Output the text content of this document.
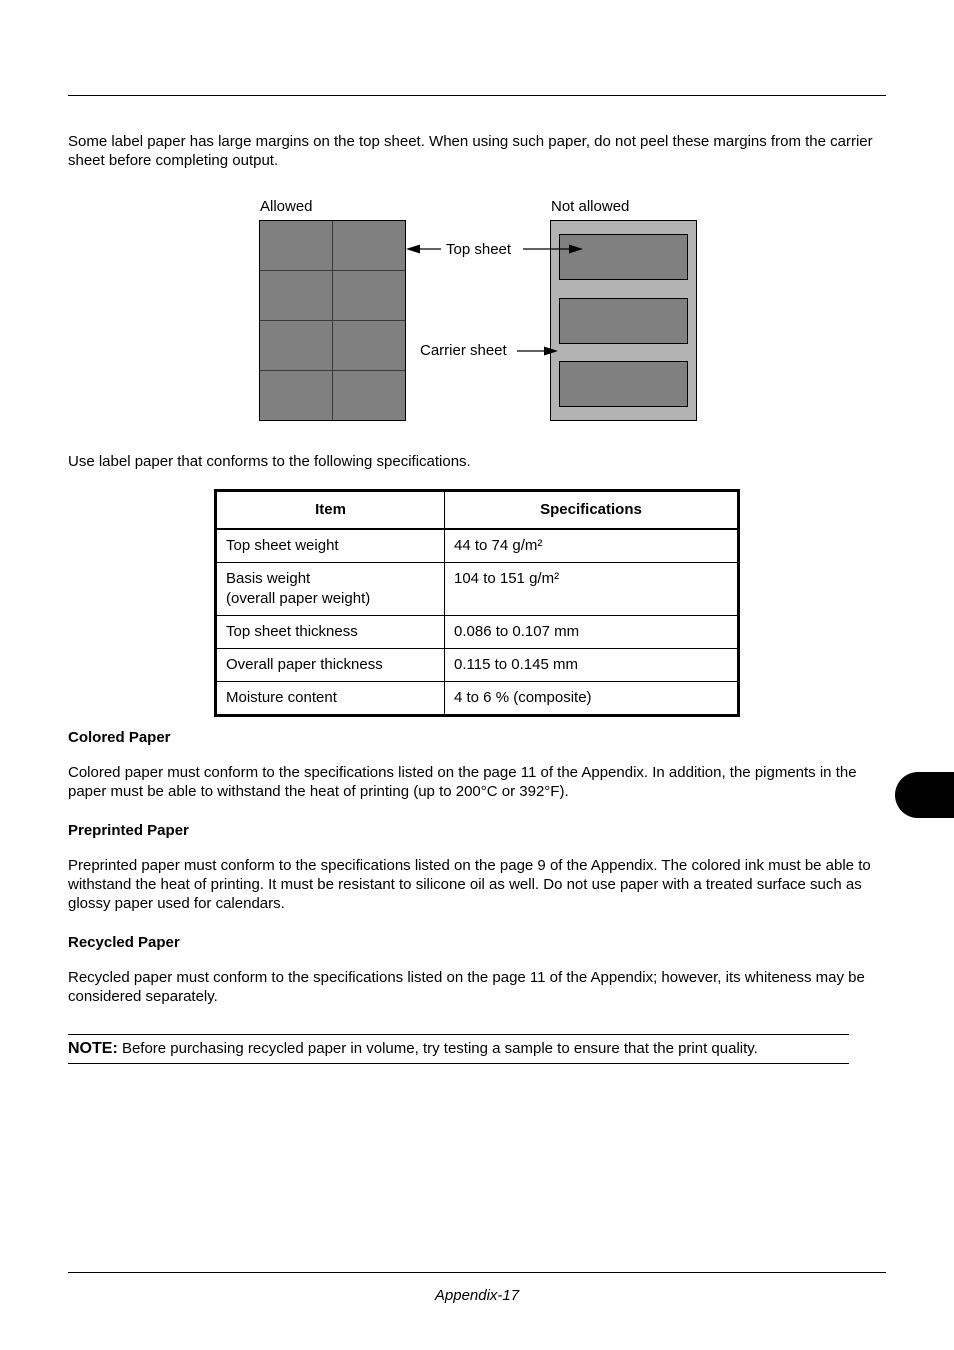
Some label paper has large margins on the top sheet. When using such paper, do not peel these margins from the carrier sheet before completing output.

Allowed	Not allowed
Top sheet
Carrier sheet

Use label paper that conforms to the following specifications.

Item	Specifications
Top sheet weight	44 to 74 g/m²
Basis weight
(overall paper weight)	104 to 151 g/m²
Top sheet thickness	0.086 to 0.107 mm
Overall paper thickness	0.115 to 0.145 mm
Moisture content	4 to 6 % (composite)
Colored Paper

Colored paper must conform to the specifications listed on the page 11 of the Appendix. In addition, the pigments in the paper must be able to withstand the heat of printing (up to 200°C or 392°F).

Preprinted Paper

Preprinted paper must conform to the specifications listed on the page 9 of the Appendix. The colored ink must be able to withstand the heat of printing. It must be resistant to silicone oil as well. Do not use paper with a treated surface such as glossy paper used for calendars.

Recycled Paper

Recycled paper must conform to the specifications listed on the page 11 of the Appendix; however, its whiteness may be considered separately.

NOTE: Before purchasing recycled paper in volume, try testing a sample to ensure that the print quality.

Appendix-17
